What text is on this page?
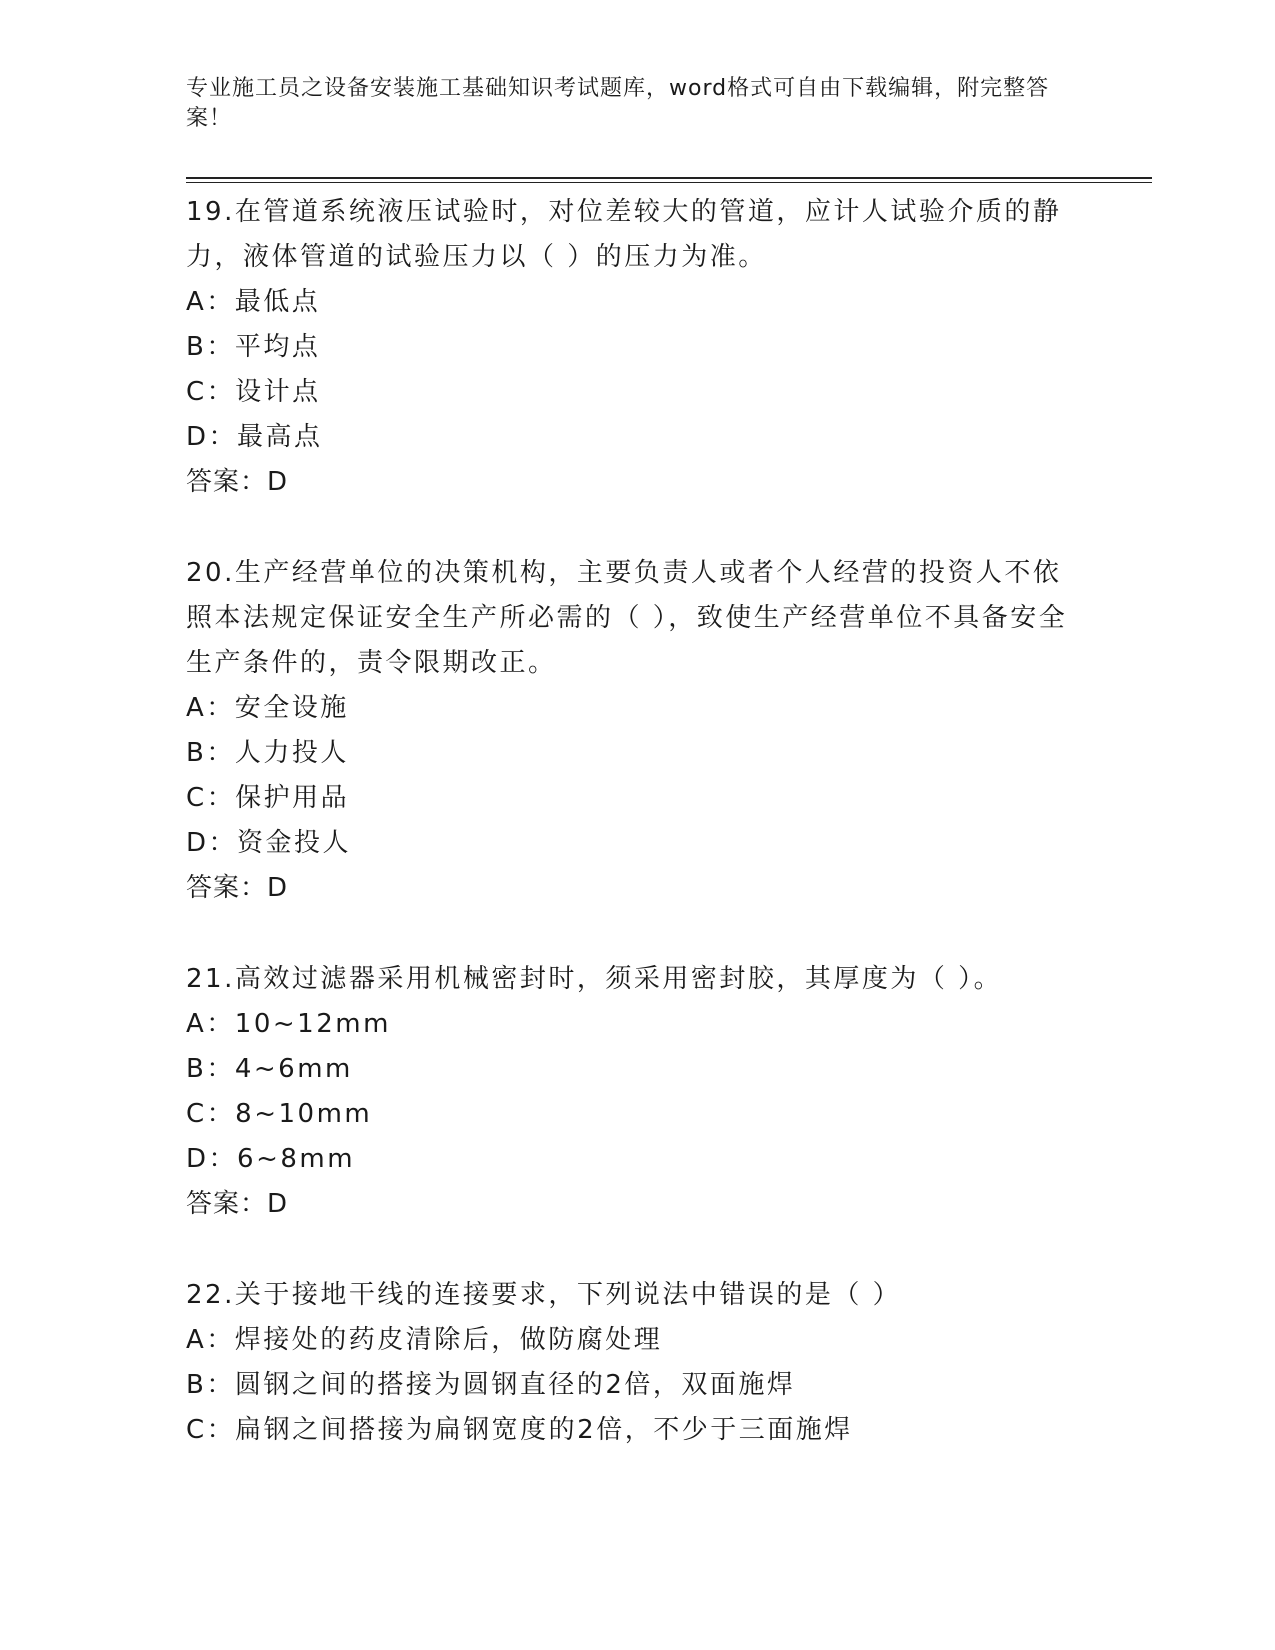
专业施工员之设备安装施工基础知识考试题库，word格式可自由下载编辑，附完整答案！
19.在管道系统液压试验时，对位差较大的管道，应计人试验介质的静力，液体管道的试验压力以（ ）的压力为准。
A：最低点
B：平均点
C：设计点
D：最高点
答案：D
20.生产经营单位的决策机构，主要负责人或者个人经营的投资人不依照本法规定保证安全生产所必需的（ ），致使生产经营单位不具备安全生产条件的，责令限期改正。
A：安全设施
B：人力投人
C：保护用品
D：资金投人
答案：D
21.高效过滤器采用机械密封时，须采用密封胶，其厚度为（ ）。
A：10~12mm
B：4~6mm
C：8~10mm
D：6~8mm
答案：D
22.关于接地干线的连接要求，下列说法中错误的是（ ）
A：焊接处的药皮清除后，做防腐处理
B：圆钢之间的搭接为圆钢直径的2倍，双面施焊
C：扁钢之间搭接为扁钢宽度的2倍，不少于三面施焊
